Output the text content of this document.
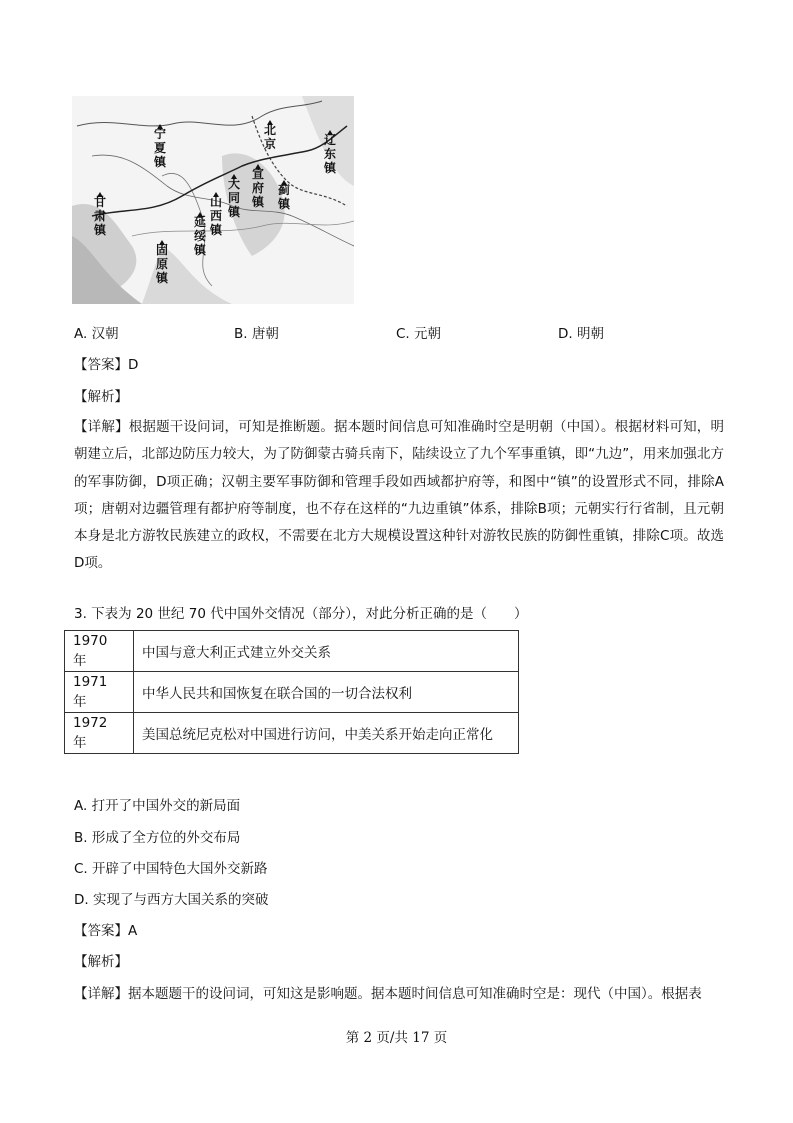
宁
夏
镇
北
京	辽
东
镇
甘
肃
镇
宣
府
镇
蓟
镇
大
同
镇
山
西
镇
延
绥
镇
固
原
镇
A. 汉朝	B. 唐朝	C. 元朝	D. 明朝
【答案】D
【解析】
【详解】根据题干设问词，可知是推断题。据本题时间信息可知准确时空是明朝（中国）。根据材料可知，明朝建立后，北部边防压力较大，为了防御蒙古骑兵南下，陆续设立了九个军事重镇，即“九边”，用来加强北方的军事防御，D项正确；汉朝主要军事防御和管理手段如西域都护府等，和图中“镇”的设置形式不同，排除A项；唐朝对边疆管理有都护府等制度，也不存在这样的“九边重镇”体系，排除B项；元朝实行行省制，且元朝本身是北方游牧民族建立的政权，不需要在北方大规模设置这种针对游牧民族的防御性重镇，排除C项。故选D项。
3. 下表为 20 世纪 70 代中国外交情况（部分），对此分析正确的是（　　）
1970 年	中国与意大利正式建立外交关系
1971 年	中华人民共和国恢复在联合国的一切合法权利
1972 年	美国总统尼克松对中国进行访问，中美关系开始走向正常化
A. 打开了中国外交的新局面
B. 形成了全方位的外交布局
C. 开辟了中国特色大国外交新路
D. 实现了与西方大国关系的突破
【答案】A
【解析】
【详解】据本题题干的设问词，可知这是影响题。据本题时间信息可知准确时空是：现代（中国）。根据表
第 2 页/共 17 页
